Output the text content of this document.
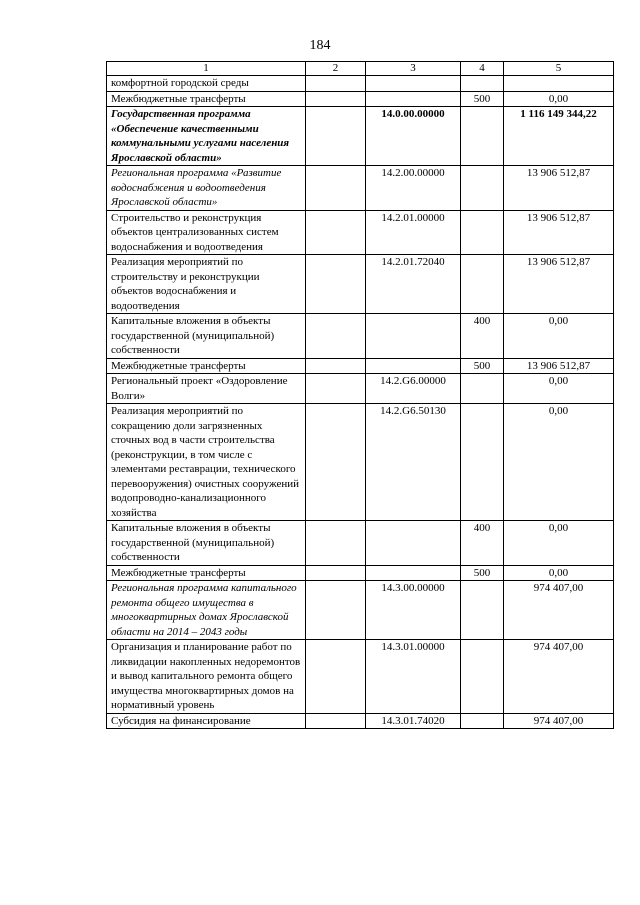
184
1	2	3	4	5
комфортной городской среды				
Межбюджетные трансферты			500	0,00
Государственная программа «Обеспечение качественными коммунальными услугами населения Ярославской области»		14.0.00.00000		1 116 149 344,22
Региональная программа «Развитие водоснабжения и водоотведения Ярославской области»		14.2.00.00000		13 906 512,87
Строительство и реконструкция объектов централизованных систем водоснабжения и водоотведения		14.2.01.00000		13 906 512,87
Реализация мероприятий по строительству и реконструкции объектов водоснабжения и водоотведения		14.2.01.72040		13 906 512,87
Капитальные вложения в объекты государственной (муниципальной) собственности			400	0,00
Межбюджетные трансферты			500	13 906 512,87
Региональный проект «Оздоровление Волги»		14.2.G6.00000		0,00
Реализация мероприятий по сокращению доли загрязненных сточных вод в части строительства (реконструкции, в том числе с элементами реставрации, технического перевооружения) очистных сооружений водопроводно-канализационного хозяйства		14.2.G6.50130		0,00
Капитальные вложения в объекты государственной (муниципальной) собственности			400	0,00
Межбюджетные трансферты			500	0,00
Региональная программа капитального ремонта общего имущества в многоквартирных домах Ярославской области на 2014 – 2043 годы		14.3.00.00000		974 407,00
Организация и планирование работ по ликвидации накопленных недоремонтов и вывод капитального ремонта общего имущества многоквартирных домов на нормативный уровень		14.3.01.00000		974 407,00
Субсидия на финансирование		14.3.01.74020		974 407,00
